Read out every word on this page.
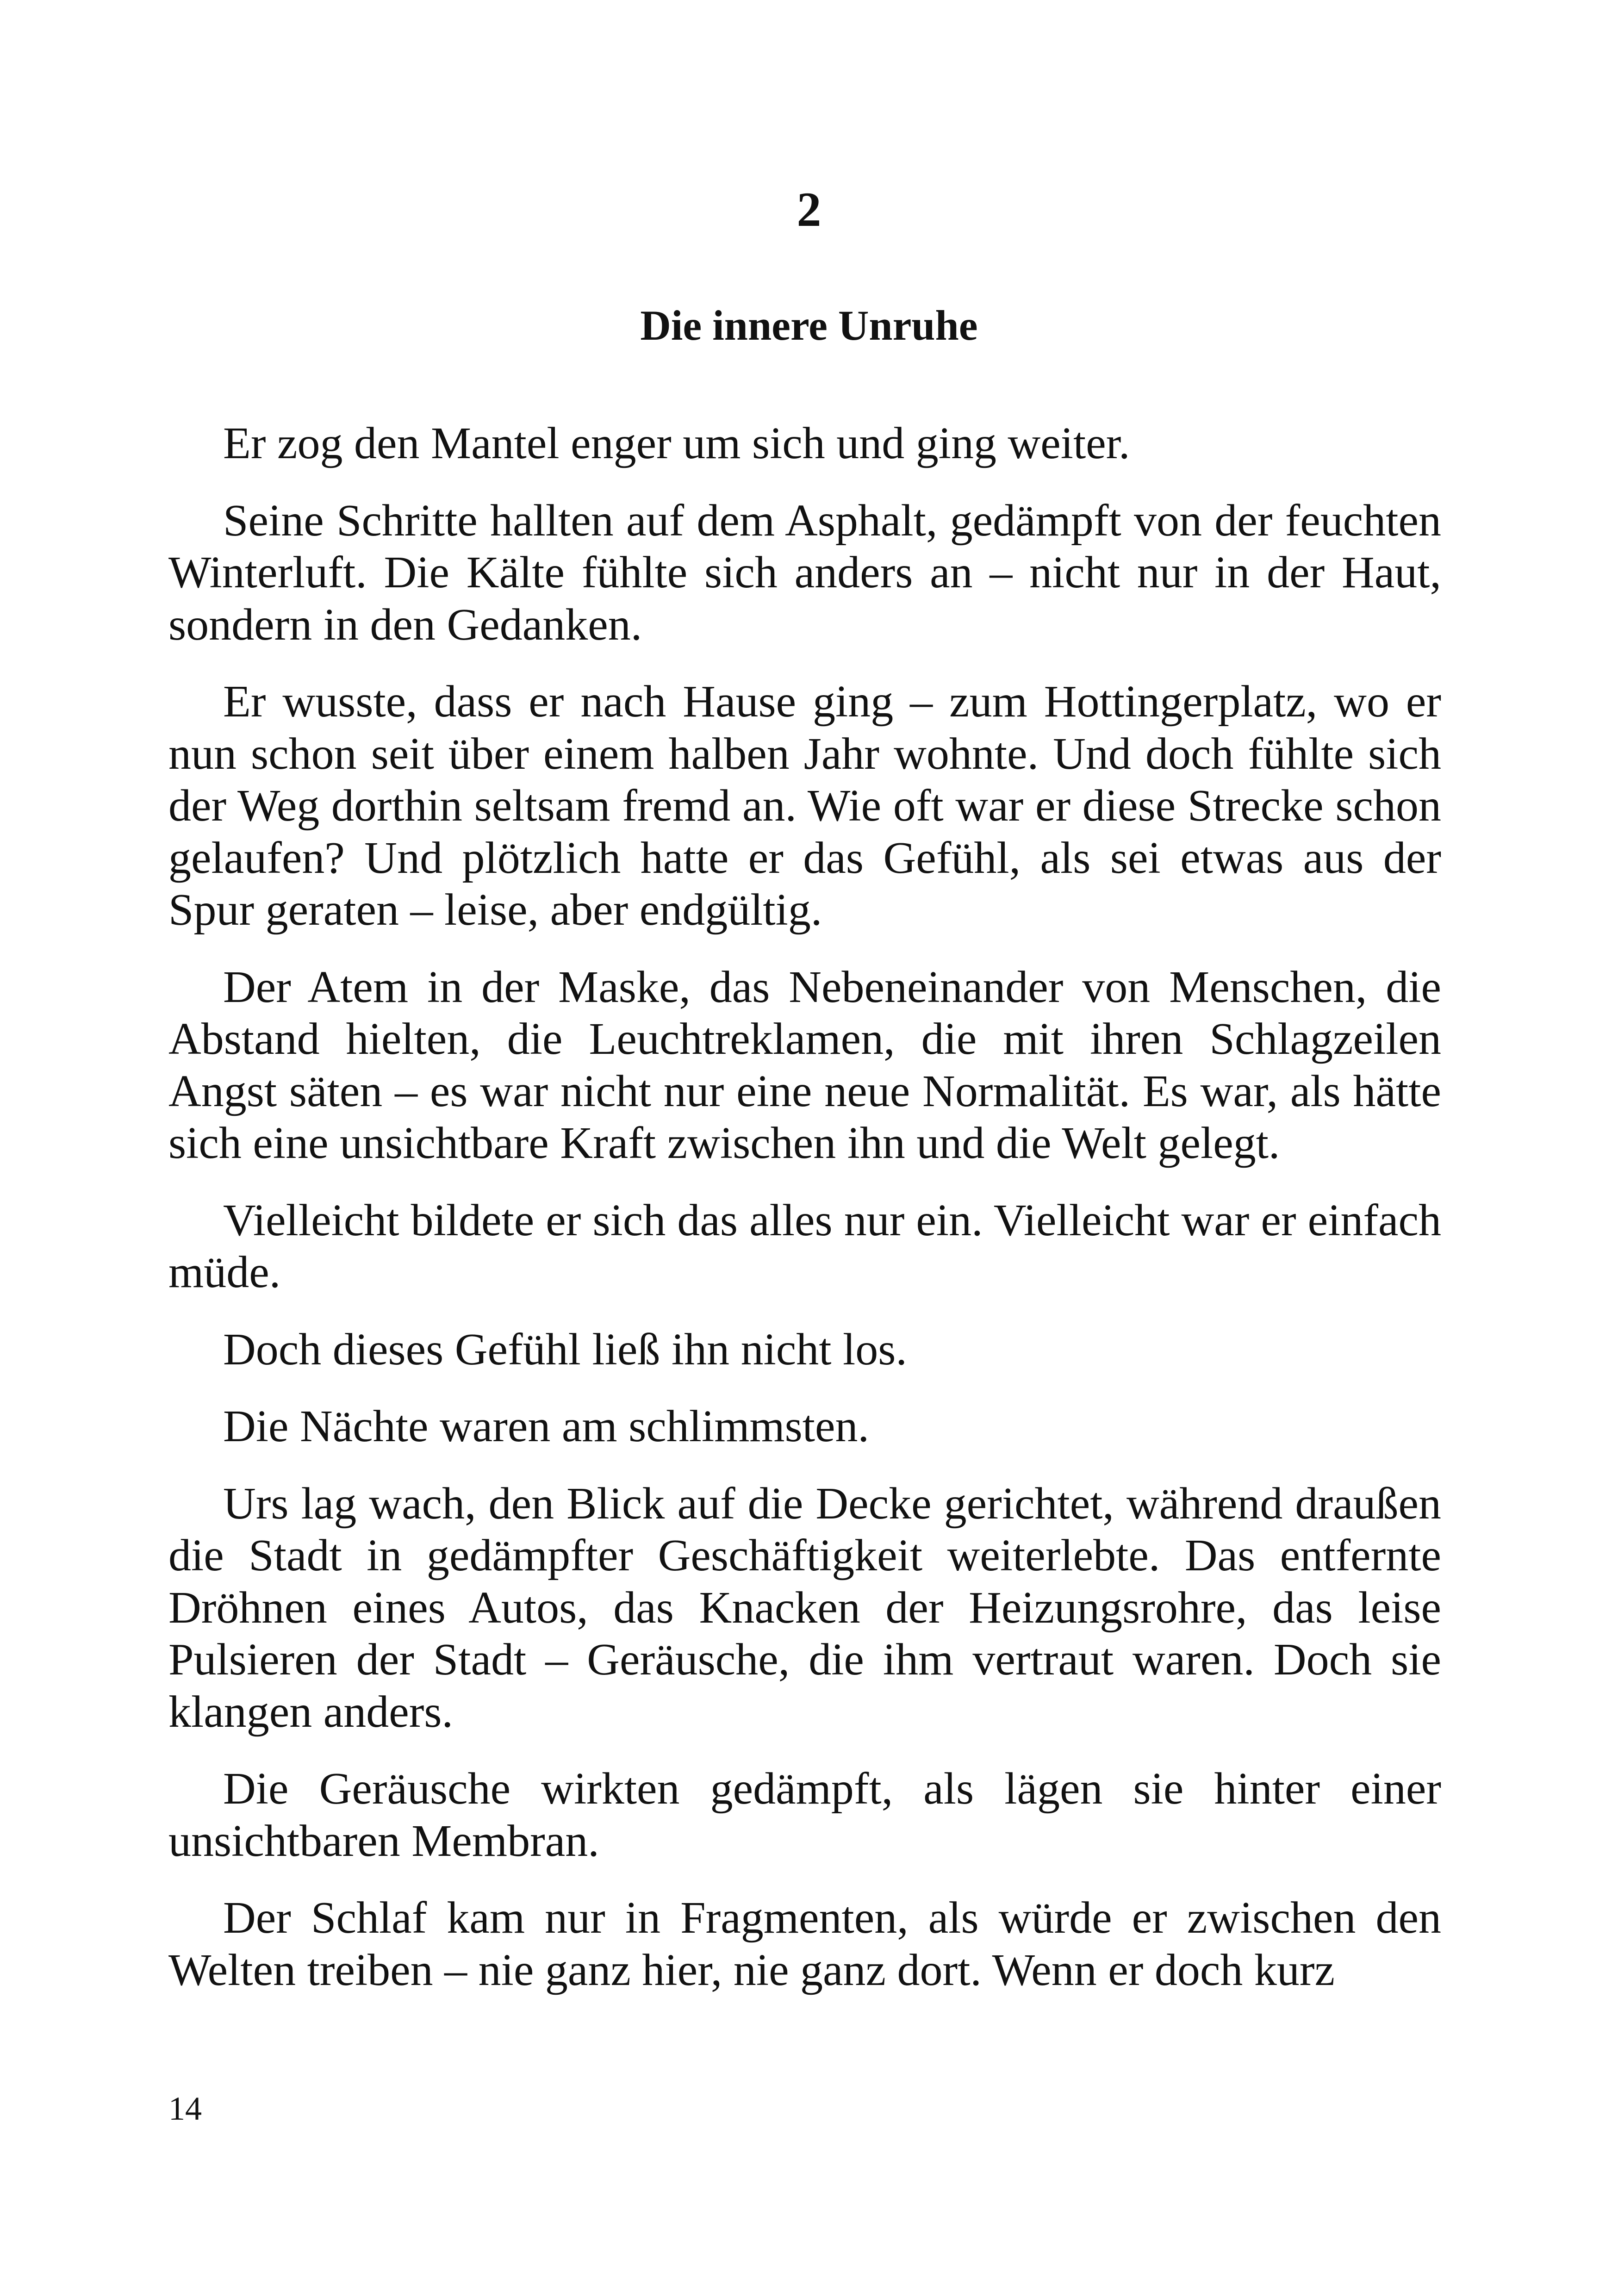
2
Die innere Unruhe

Er zog den Mantel enger um sich und ging weiter.

Seine Schritte hallten auf dem Asphalt, gedämpft von der feuchten Winterluft. Die Kälte fühlte sich anders an – nicht nur in der Haut, sondern in den Gedanken.

Er wusste, dass er nach Hause ging – zum Hottingerplatz, wo er nun schon seit über einem halben Jahr wohnte. Und doch fühlte sich der Weg dorthin seltsam fremd an. Wie oft war er diese Strecke schon gelaufen? Und plötzlich hatte er das Gefühl, als sei etwas aus der Spur geraten – leise, aber endgültig.

Der Atem in der Maske, das Nebeneinander von Menschen, die Abstand hielten, die Leuchtreklamen, die mit ihren Schlagzeilen Angst säten – es war nicht nur eine neue Normalität. Es war, als hätte sich eine unsichtbare Kraft zwischen ihn und die Welt gelegt.

Vielleicht bildete er sich das alles nur ein. Vielleicht war er einfach müde.

Doch dieses Gefühl ließ ihn nicht los.

Die Nächte waren am schlimmsten.

Urs lag wach, den Blick auf die Decke gerichtet, während draußen die Stadt in gedämpfter Geschäftigkeit weiterlebte. Das entfernte Dröhnen eines Autos, das Knacken der Heizungsrohre, das leise Pulsieren der Stadt – Geräusche, die ihm vertraut waren. Doch sie klangen anders.

Die Geräusche wirkten gedämpft, als lägen sie hinter einer unsichtbaren Membran.

Der Schlaf kam nur in Fragmenten, als würde er zwischen den Welten treiben – nie ganz hier, nie ganz dort. Wenn er doch kurz

14
